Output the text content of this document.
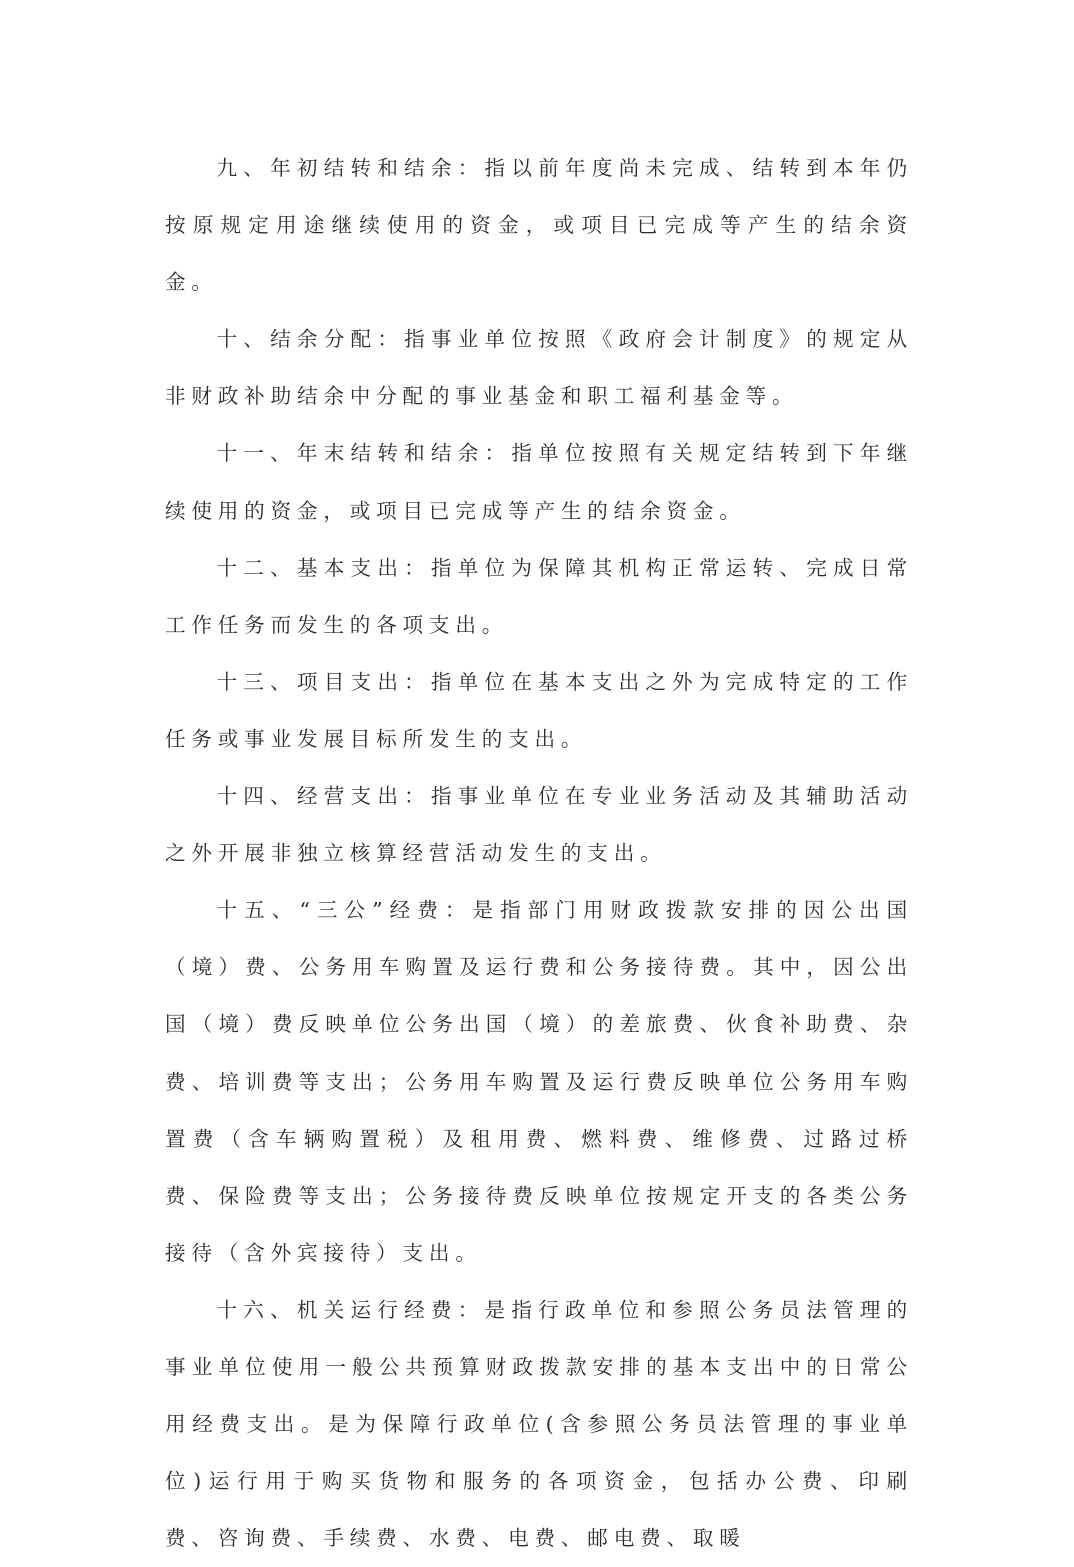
九、年初结转和结余：指以前年度尚未完成、结转到本年仍按原规定用途继续使用的资金，或项目已完成等产生的结余资金。

十、结余分配：指事业单位按照《政府会计制度》的规定从非财政补助结余中分配的事业基金和职工福利基金等。

十一、年末结转和结余：指单位按照有关规定结转到下年继续使用的资金，或项目已完成等产生的结余资金。

十二、基本支出：指单位为保障其机构正常运转、完成日常工作任务而发生的各项支出。

十三、项目支出：指单位在基本支出之外为完成特定的工作任务或事业发展目标所发生的支出。

十四、经营支出：指事业单位在专业业务活动及其辅助活动之外开展非独立核算经营活动发生的支出。

十五、“三公”经费：是指部门用财政拨款安排的因公出国（境）费、公务用车购置及运行费和公务接待费。其中，因公出国（境）费反映单位公务出国（境）的差旅费、伙食补助费、杂费、培训费等支出；公务用车购置及运行费反映单位公务用车购置费（含车辆购置税）及租用费、燃料费、维修费、过路过桥费、保险费等支出；公务接待费反映单位按规定开支的各类公务接待（含外宾接待）支出。

十六、机关运行经费：是指行政单位和参照公务员法管理的事业单位使用一般公共预算财政拨款安排的基本支出中的日常公用经费支出。是为保障行政单位(含参照公务员法管理的事业单位)运行用于购买货物和服务的各项资金，包括办公费、印刷费、咨询费、手续费、水费、电费、邮电费、取暖
